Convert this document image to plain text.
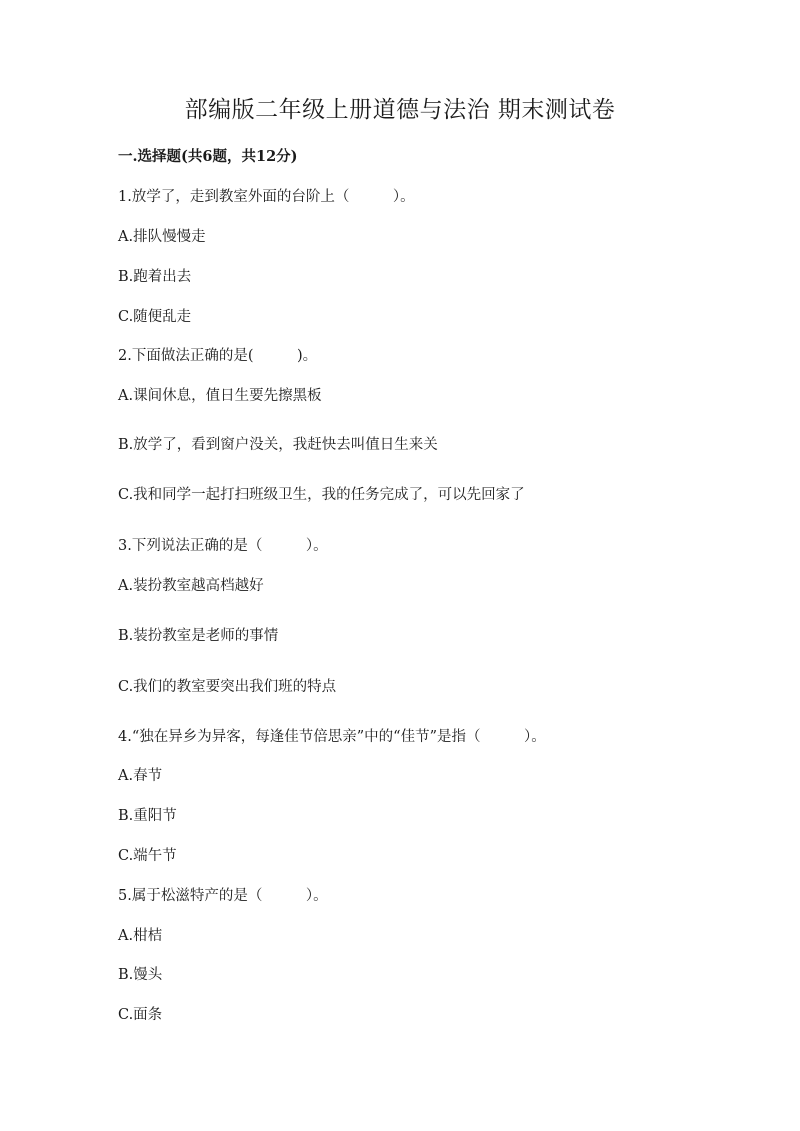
部编版二年级上册道德与法治 期末测试卷
一.选择题(共6题，共12分)
1.放学了，走到教室外面的台阶上（　　　）。
A.排队慢慢走
B.跑着出去
C.随便乱走
2.下面做法正确的是(　　　)。
A.课间休息，值日生要先擦黑板
B.放学了，看到窗户没关，我赶快去叫值日生来关
C.我和同学一起打扫班级卫生，我的任务完成了，可以先回家了
3.下列说法正确的是（　　　）。
A.装扮教室越高档越好
B.装扮教室是老师的事情
C.我们的教室要突出我们班的特点
4.“独在异乡为异客，每逢佳节倍思亲”中的“佳节”是指（　　　）。
A.春节
B.重阳节
C.端午节
5.属于松滋特产的是（　　　）。
A.柑桔
B.馒头
C.面条
